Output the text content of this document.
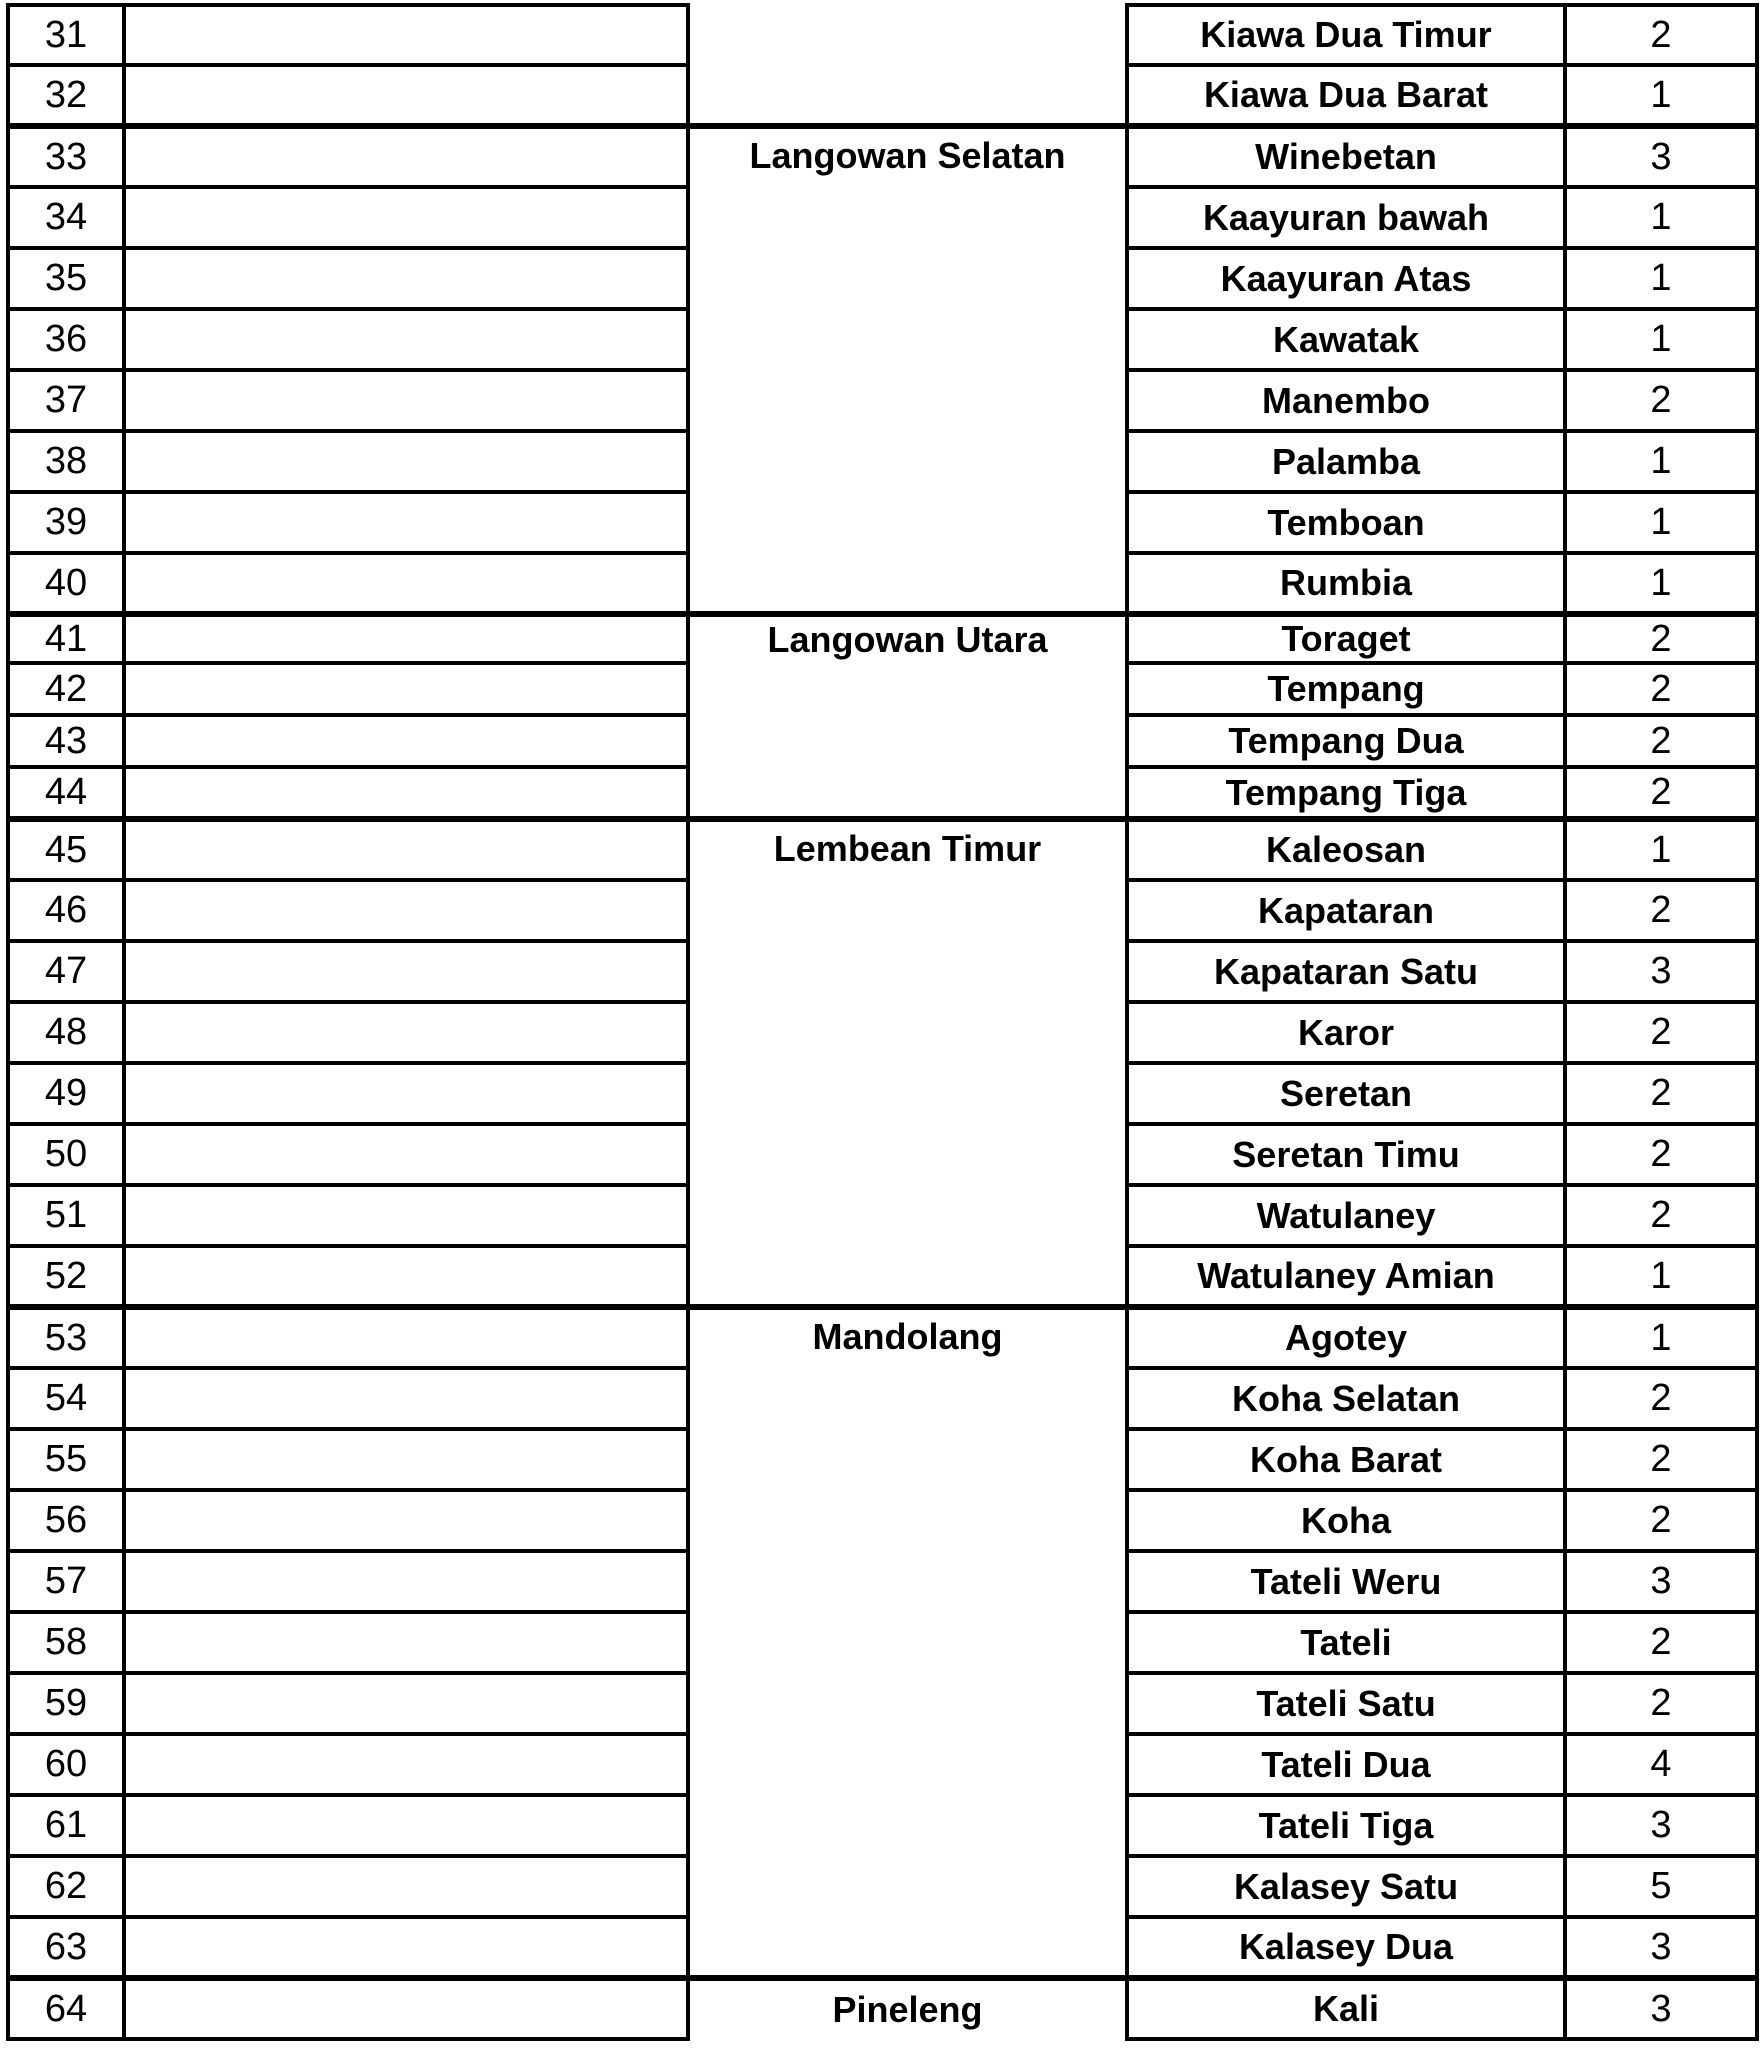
31			Kiawa Dua Timur	2
32			Kiawa Dua Barat	1
33		Langowan Selatan	Winebetan	3
34			Kaayuran bawah	1
35			Kaayuran Atas	1
36			Kawatak	1
37			Manembo	2
38			Palamba	1
39			Temboan	1
40			Rumbia	1
41		Langowan Utara	Toraget	2
42			Tempang	2
43			Tempang Dua	2
44			Tempang Tiga	2
45		Lembean Timur	Kaleosan	1
46			Kapataran	2
47			Kapataran Satu	3
48			Karor	2
49			Seretan	2
50			Seretan Timu	2
51			Watulaney	2
52			Watulaney Amian	1
53		Mandolang	Agotey	1
54			Koha Selatan	2
55			Koha Barat	2
56			Koha	2
57			Tateli Weru	3
58			Tateli	2
59			Tateli Satu	2
60			Tateli Dua	4
61			Tateli Tiga	3
62			Kalasey Satu	5
63			Kalasey Dua	3
64		Pineleng	Kali	3
